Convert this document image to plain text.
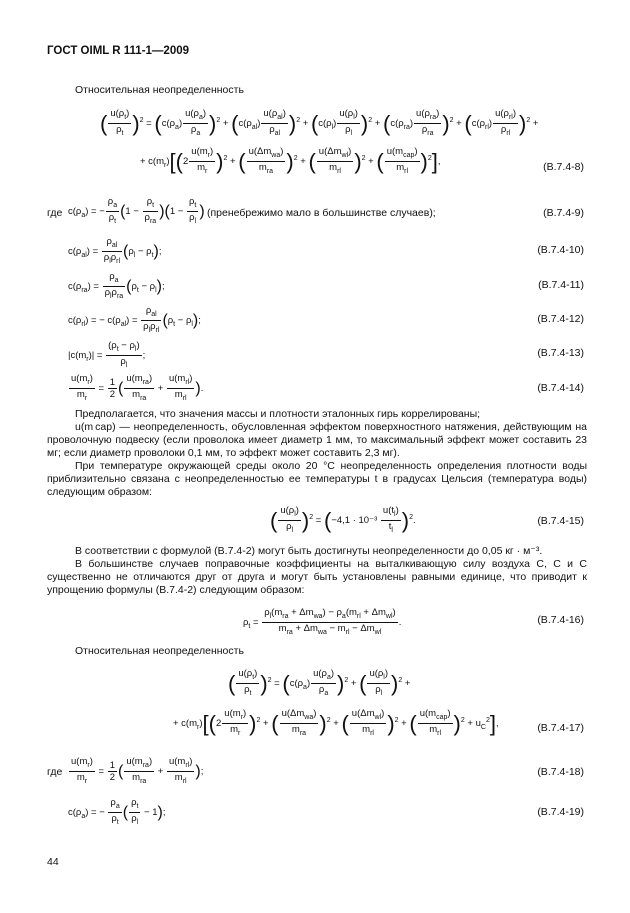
ГОСТ OIML R 111-1—2009
Относительная неопределенность
( $\frac{u(\rho_t)}{\rho_t} )^2 = (c(\rho_a) \frac{u(\rho_a)}{\rho_a} )^2 + (c(\rho_{al}) \frac{u(\rho_{al})}{\rho_{al}} )^2 + (c(\rho_l) \frac{u(\rho_l)}{\rho_l} )^2 + (c(\rho_{ra}) \frac{u(\rho_{ra})}{\rho_{ra}} )^2 + (c(\rho_{rl}) \frac{u(\rho_{rl})}{\rho_{rl}} )^2$ +
+ $c(m_r)[(2 \frac{u(m_r)}{m_r} )^2$ + ( $\frac{u(\Delta m_{wa})}{m_{ra}} )^2$ + ( $\frac{u(\Delta m_{wl})}{m_{rl}} )^2$ + ( $\frac{u(m_{cap})}{m_{rl}} )^2$],	(В.7.4-8)
где $c(\rho_a)$ = − $\frac{\rho_a}{\rho_t} (1 - \frac{\rho_t}{\rho_{ra}} )(1 - \frac{\rho_t}{\rho_l}$ ) (пренебрежимо мало в большинстве случаев);	(В.7.4-9)
$c(\rho_{al}) = \frac{\rho_{al}}{\rho_l\rho_{rl}} (\rho_l - \rho_t)$;	(В.7.4-10)
$c(\rho_{ra}) = \frac{\rho_a}{\rho_l\rho_{ra}} (\rho_t - \rho_l)$;	(В.7.4-11)
$c(\rho_{rl})$ = − $c(\rho_{al}) = \frac{\rho_{al}}{\rho_l\rho_{rl}} (\rho_t - \rho_l)$;	(В.7.4-12)
$|c(m_r)| = \frac{(\rho_t - \rho_l)}{\rho_l}$ ;	(В.7.4-13)
$\frac{u(m_r)}{m_r} = \frac{1}{2}$ ( $\frac{u(m_{ra})}{m_{ra}} + \frac{u(m_{rl})}{m_{rl}}$ ).	(В.7.4-14)
Предполагается, что значения массы и плотности эталонных гирь коррелированы;
u(m cap) — неопределенность, обусловленная эффектом поверхностного натяжения, действующим на проволочную подвеску (если проволока имеет диаметр 1 мм, то максимальный эффект может составить 23 мг; если диаметр проволоки 0,1 мм, то эффект может составить 2,3 мг).
При температуре окружающей среды около 20 °С неопределенность определения плотности воды приблизительно связана с неопределенностью ее температуры t в градусах Цельсия (температура воды) следующим образом:
( $\frac{u(\rho_l)}{\rho_l} )^2 = (-4,1 \cdot 10^{-3} \frac{u(t_l)}{t_l} )^2$.	(В.7.4-15)
В соответствии с формулой (В.7.4-2) могут быть достигнуты неопределенности до 0,05 кг · м⁻³.
В большинстве случаев поправочные коэффициенты на выталкивающую силу воздуха C, C и C существенно не отличаются друг от друга и могут быть установлены равными единице, что приводит к упрощению формулы (В.7.4-2) следующим образом:
$\rho_t = \frac{\rho_l(m_{ra} + \Delta m_{wa}) - \rho_a(m_{rl} + \Delta m_{wl})}{m_{ra} + \Delta m_{wa} - m_{rl} - \Delta m_{wl}}$ .	(В.7.4-16)
Относительная неопределенность
( $\frac{u(\rho_t)}{\rho_t} )^2 = (c(\rho_a) \frac{u(\rho_a)}{\rho_a} )^2$ + ( $\frac{u(\rho_l)}{\rho_l} )^2$ +
+ $c(m_r)[(2 \frac{u(m_r)}{m_r} )^2$ + ( $\frac{u(\Delta m_{wa})}{m_{ra}} )^2$ + ( $\frac{u(\Delta m_{wl})}{m_{rl}} )^2$ + ( $\frac{u(m_{cap})}{m_{rl}} )^2 + u_C^2$],	(В.7.4-17)
где $\frac{u(m_r)}{m_r} = \frac{1}{2}$ ( $\frac{u(m_{ra})}{m_{ra}} + \frac{u(m_{rl})}{m_{rl}}$ );	(В.7.4-18)
$c(\rho_a)$ = − $\frac{\rho_a}{\rho_t}$ ( $\frac{\rho_t}{\rho_l} - 1$);	(В.7.4-19)
44
